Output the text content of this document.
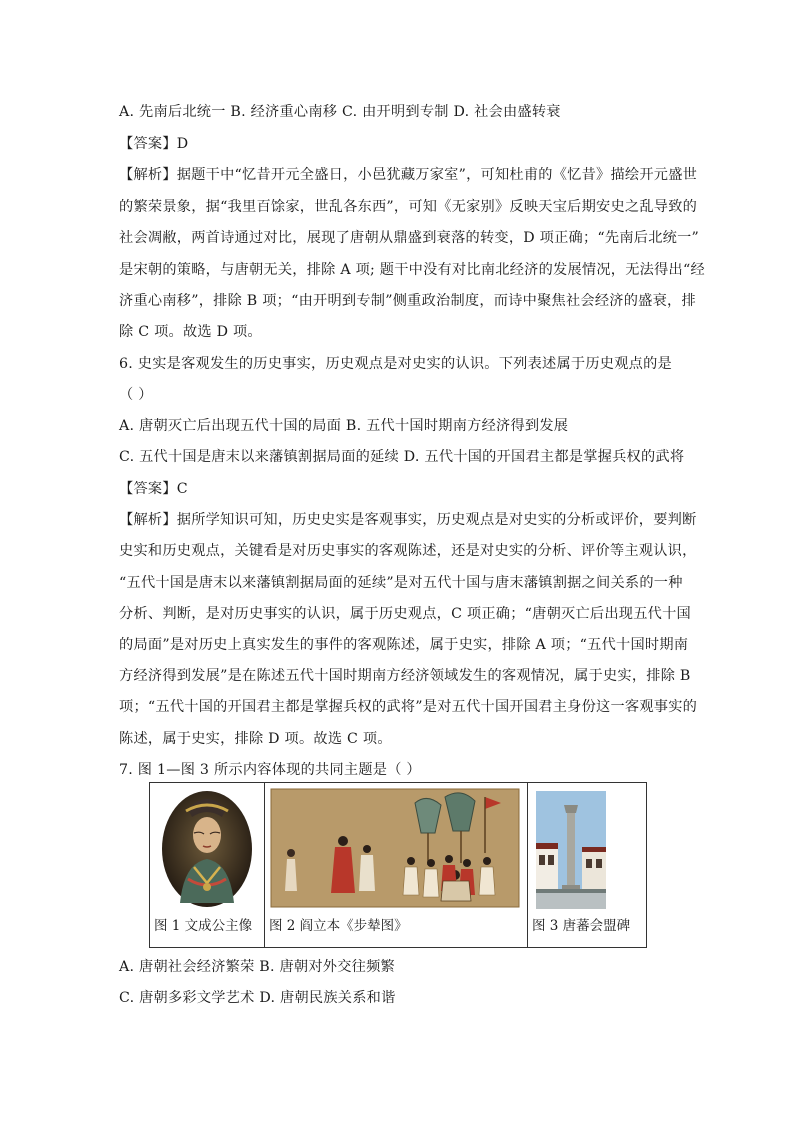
A. 先南后北统一 B. 经济重心南移 C. 由开明到专制 D. 社会由盛转衰
【答案】D
【解析】据题干中“忆昔开元全盛日，小邑犹藏万家室”，可知杜甫的《忆昔》描绘开元盛世
的繁荣景象，据“我里百馀家，世乱各东西”，可知《无家别》反映天宝后期安史之乱导致的
社会凋敝，两首诗通过对比，展现了唐朝从鼎盛到衰落的转变，D 项正确；“先南后北统一”
是宋朝的策略，与唐朝无关，排除 A 项; 题干中没有对比南北经济的发展情况，无法得出“经
济重心南移”，排除 B 项；“由开明到专制”侧重政治制度，而诗中聚焦社会经济的盛衰，排
除 C 项。故选 D 项。
6. 史实是客观发生的历史事实，历史观点是对史实的认识。下列表述属于历史观点的是
（ ）
A. 唐朝灭亡后出现五代十国的局面 B. 五代十国时期南方经济得到发展
C. 五代十国是唐末以来藩镇割据局面的延续 D. 五代十国的开国君主都是掌握兵权的武将
【答案】C
【解析】据所学知识可知，历史史实是客观事实，历史观点是对史实的分析或评价，要判断
史实和历史观点，关键看是对历史事实的客观陈述，还是对史实的分析、评价等主观认识，
“五代十国是唐末以来藩镇割据局面的延续”是对五代十国与唐末藩镇割据之间关系的一种
分析、判断，是对历史事实的认识，属于历史观点，C 项正确；“唐朝灭亡后出现五代十国
的局面”是对历史上真实发生的事件的客观陈述，属于史实，排除 A 项；“五代十国时期南
方经济得到发展”是在陈述五代十国时期南方经济领域发生的客观情况，属于史实，排除 B
项；“五代十国的开国君主都是掌握兵权的武将”是对五代十国开国君主身份这一客观事实的
陈述，属于史实，排除 D 项。故选 C 项。
7. 图 1—图 3 所示内容体现的共同主题是（ ）
图 1 文成公主像	图 2 阎立本《步辇图》	图 3 唐蕃会盟碑
A. 唐朝社会经济繁荣 B. 唐朝对外交往频繁
C. 唐朝多彩文学艺术 D. 唐朝民族关系和谐
